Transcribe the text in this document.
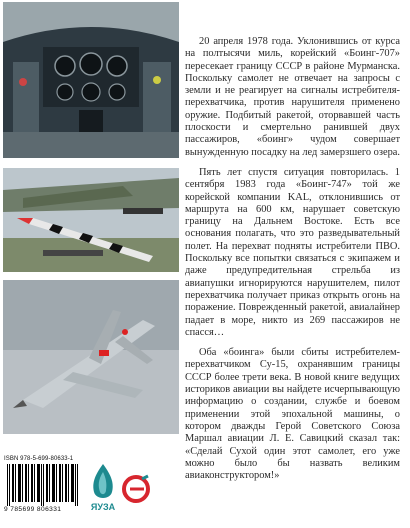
20 апреля 1978 года. Уклонившись от курса на полтысячи миль, корейский «Боинг-707» пересекает границу СССР в районе Мурманска. Поскольку самолет не отвечает на запросы с земли и не реагирует на сигналы истребителя-перехватчика, против нарушителя применено оружие. Подбитый ракетой, оторвавшей часть плоскости и смертельно ранившей двух пассажиров, «боинг» чудом совершает вынужденную посадку на лед замерзшего озера.

Пять лет спустя ситуация повторилась. 1 сентября 1983 года «Боинг-747» той же корейской компании KAL, отклонившись от маршрута на 600 км, нарушает советскую границу на Дальнем Востоке. Есть все основания полагать, что это разведывательный полет. На перехват подняты истребители ПВО. Поскольку все попытки связаться с экипажем и даже предупредительная стрельба из авиапушки игнорируются нарушителем, пилот перехватчика получает приказ открыть огонь на поражение. Поврежденный ракетой, авиалайнер падает в море, никто из 269 пассажиров не спасся…

Оба «боинга» были сбиты истребителем-перехватчиком Су-15, охранявшим границы СССР более трети века. В новой книге ведущих историков авиации вы найдете исчерпывающую информацию о создании, службе и боевом применении этой эпохальной машины, о котором дважды Герой Советского Союза Маршал авиации Л. Е. Савицкий сказал так: «Сделай Сухой один этот самолет, его уже можно было бы назвать великим авиаконструктором!»

ISBN 978-5-699-80633-1
9 785699 806331	ЯУЗА
